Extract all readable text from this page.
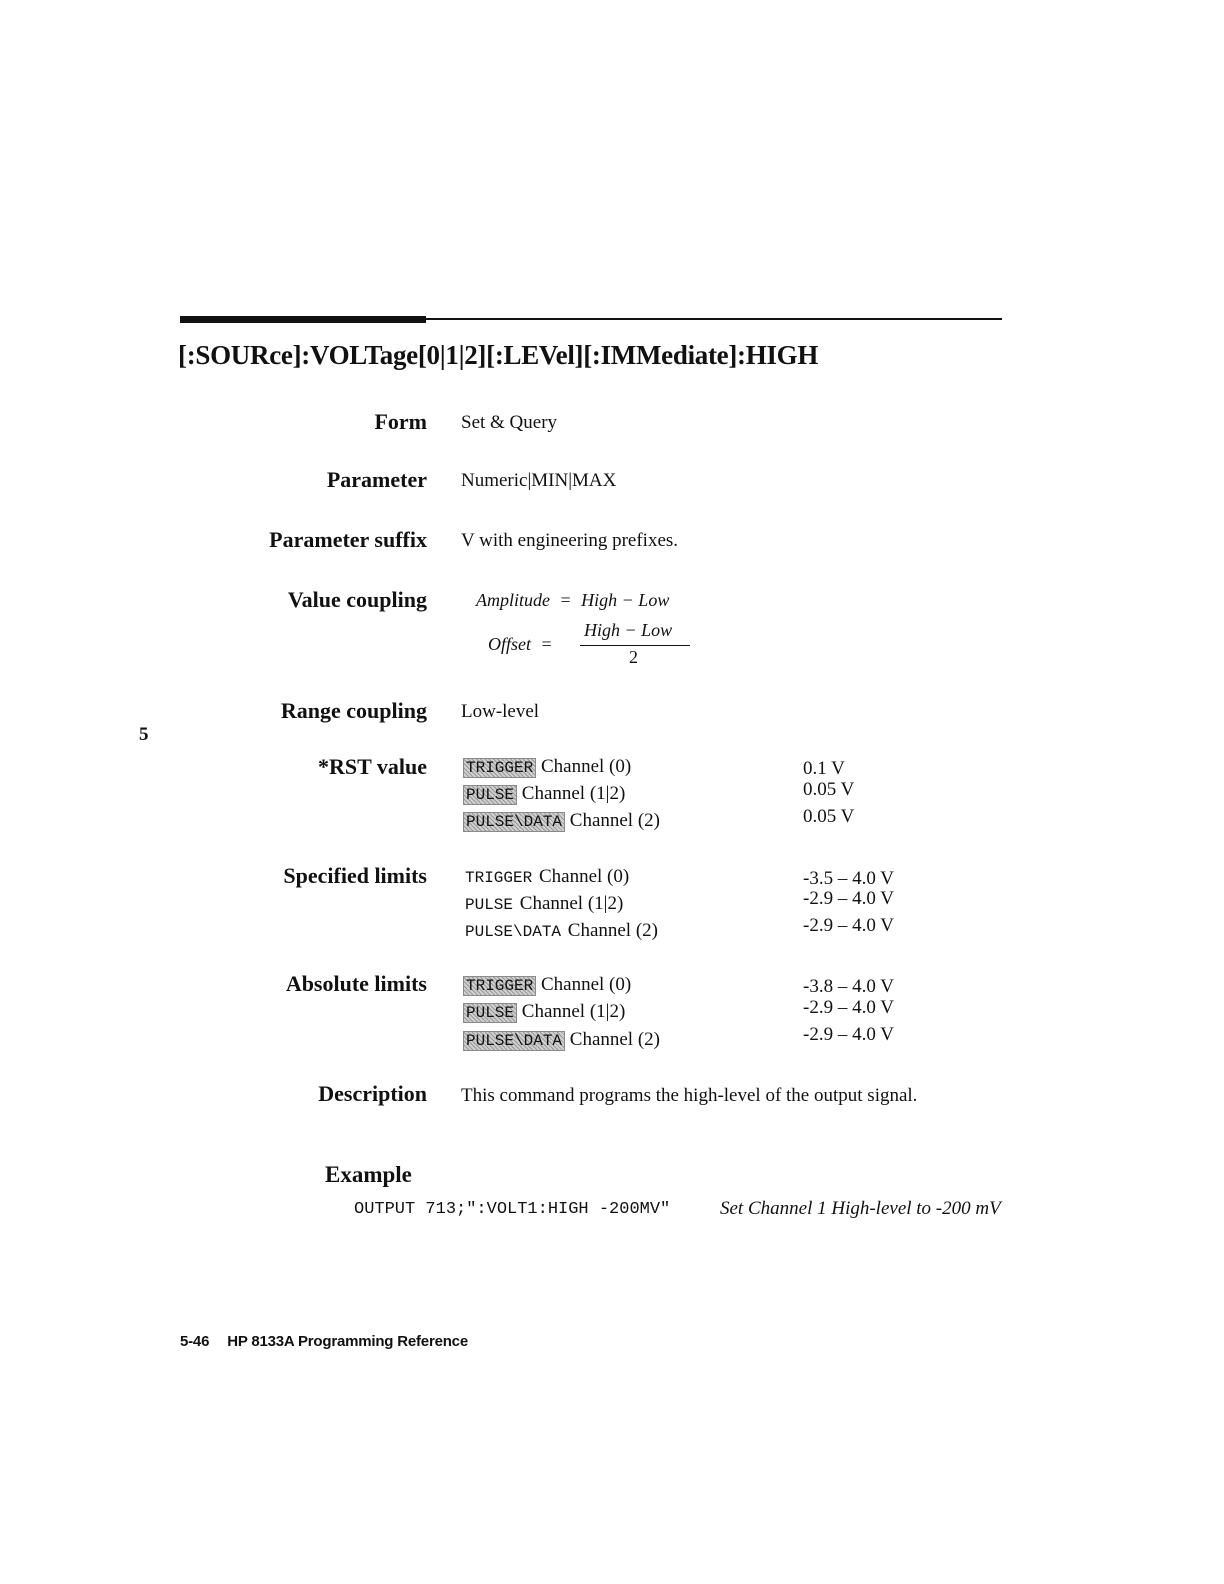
[:SOURce]:VOLTage[0|1|2][:LEVel][:IMMediate]:HIGH
5
Form Set & Query
Parameter Numeric|MIN|MAX
Parameter suffix V with engineering prefixes.
Value coupling	Amplitude = High − Low
Offset =
High − Low
2
Range coupling Low-level
*RST value TRIGGER Channel (0)	0.1 V
PULSE Channel (1|2)	0.05 V
PULSE\DATA Channel (2)	0.05 V
Specified limits TRIGGER Channel (0)	-3.5 – 4.0 V
PULSE Channel (1|2)	-2.9 – 4.0 V
PULSE\DATA Channel (2)	-2.9 – 4.0 V
Absolute limits TRIGGER Channel (0)	-3.8 – 4.0 V
PULSE Channel (1|2)	-2.9 – 4.0 V
PULSE\DATA Channel (2)	-2.9 – 4.0 V
Description This command programs the high-level of the output signal.
Example
OUTPUT 713;":VOLT1:HIGH -200MV"	Set Channel 1 High-level to -200 mV
5-46 HP 8133A Programming Reference
